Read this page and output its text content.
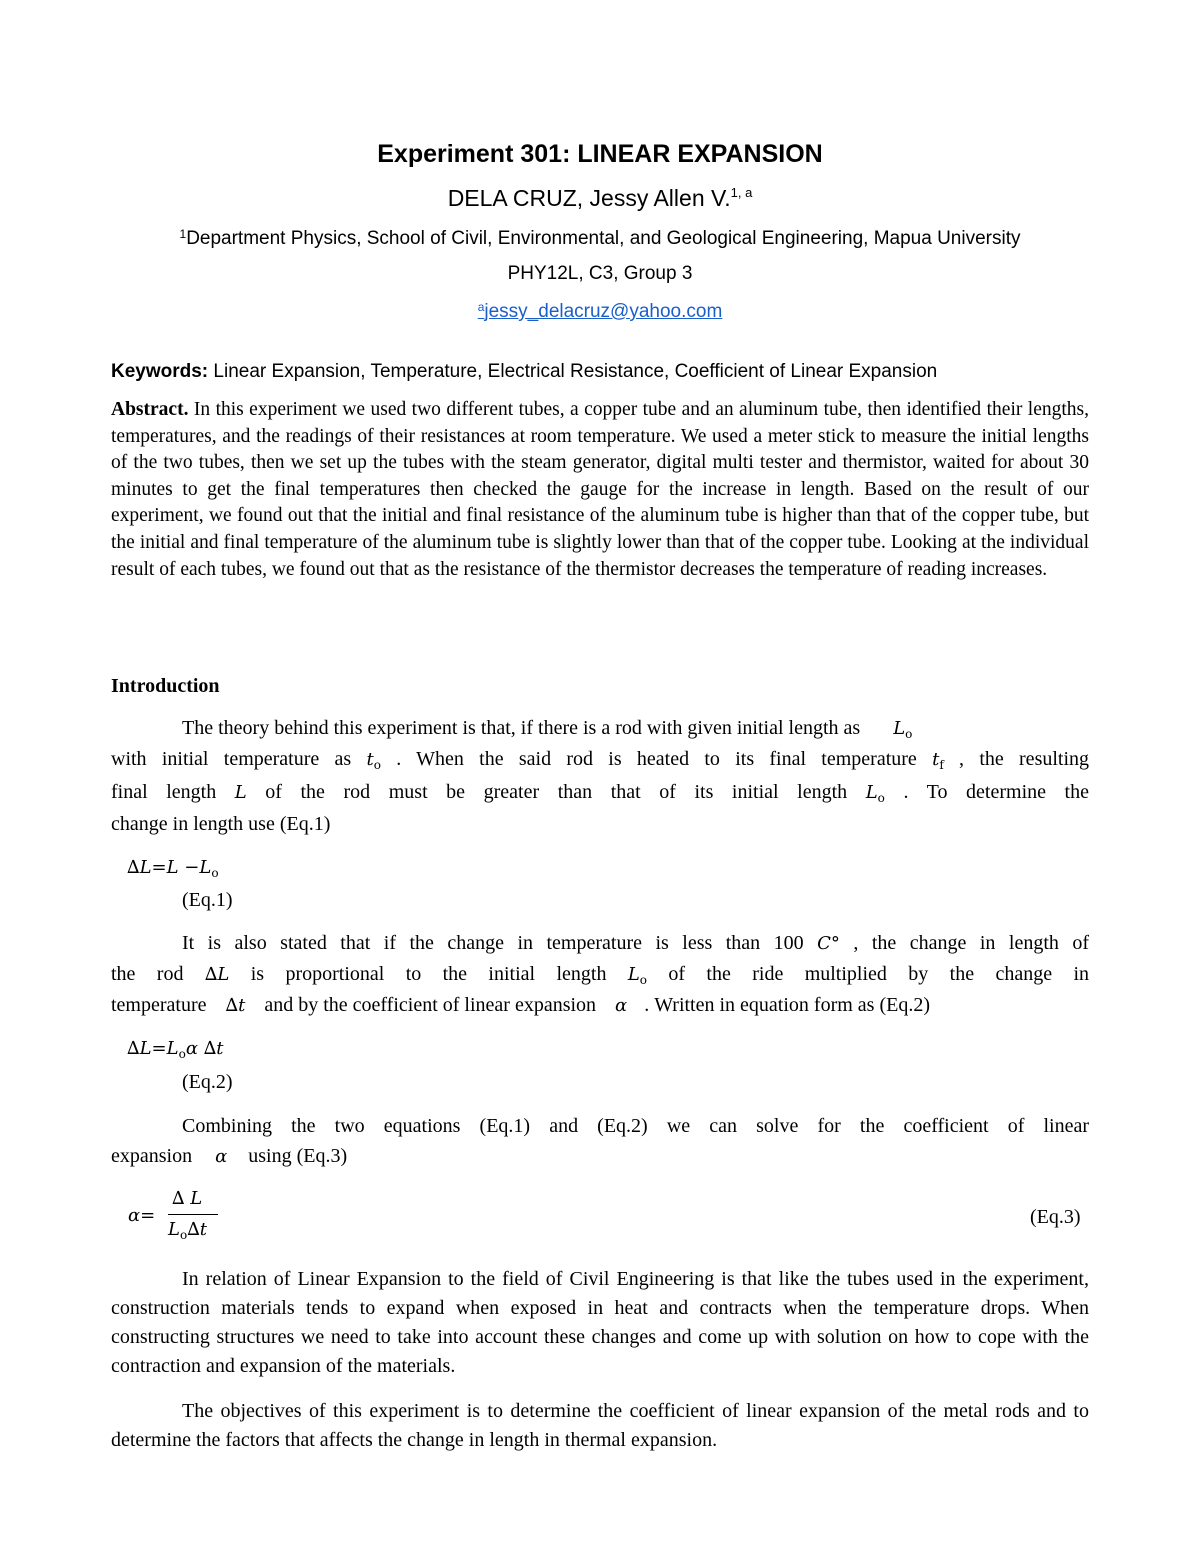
Experiment 301: LINEAR EXPANSION
DELA CRUZ, Jessy Allen V.$^{1, a}$
$^1$Department Physics, School of Civil, Environmental, and Geological Engineering, Mapua University
PHY12L, C3, Group 3
$^a$jessy_delacruz@yahoo.com
Keywords: Linear Expansion, Temperature, Electrical Resistance, Coefficient of Linear Expansion
Abstract. In this experiment we used two different tubes, a copper tube and an aluminum tube, then identified their lengths, temperatures, and the readings of their resistances at room temperature. We used a meter stick to measure the initial lengths of the two tubes, then we set up the tubes with the steam generator, digital multi tester and thermistor, waited for about 30 minutes to get the final temperatures then checked the gauge for the increase in length. Based on the result of our experiment, we found out that the initial and final resistance of the aluminum tube is higher than that of the copper tube, but the initial and final temperature of the aluminum tube is slightly lower than that of the copper tube. Looking at the individual result of each tubes, we found out that as the resistance of the thermistor decreases the temperature of reading increases.
Introduction
The theory behind this experiment is that, if there is a rod with given initial length as $L_o$
with initial temperature as $t_o$ . When the said rod is heated to its final temperature $t_f$ , the resulting
final length L of the rod must be greater than that of its initial length $L_o$ . To determine the
change in length use (Eq.1)
$\Delta L=L -L_o$
(Eq.1)
It is also stated that if the change in temperature is less than 100 C° , the change in length of
the rod ∆L is proportional to the initial length $L_o$ of the ride multiplied by the change in
temperature ∆t and by the coefficient of linear expansion α . Written in equation form as (Eq.2)
$\Delta L=L_o\alpha$ ∆t
(Eq.2)
Combining the two equations (Eq.1) and (Eq.2) we can solve for the coefficient of linear
expansion α using (Eq.3)
α=
∆ L
$L_o\Delta t$
(Eq.3)
In relation of Linear Expansion to the field of Civil Engineering is that like the tubes used in the experiment, construction materials tends to expand when exposed in heat and contracts when the temperature drops. When constructing structures we need to take into account these changes and come up with solution on how to cope with the contraction and expansion of the materials.
The objectives of this experiment is to determine the coefficient of linear expansion of the metal rods and to determine the factors that affects the change in length in thermal expansion.
